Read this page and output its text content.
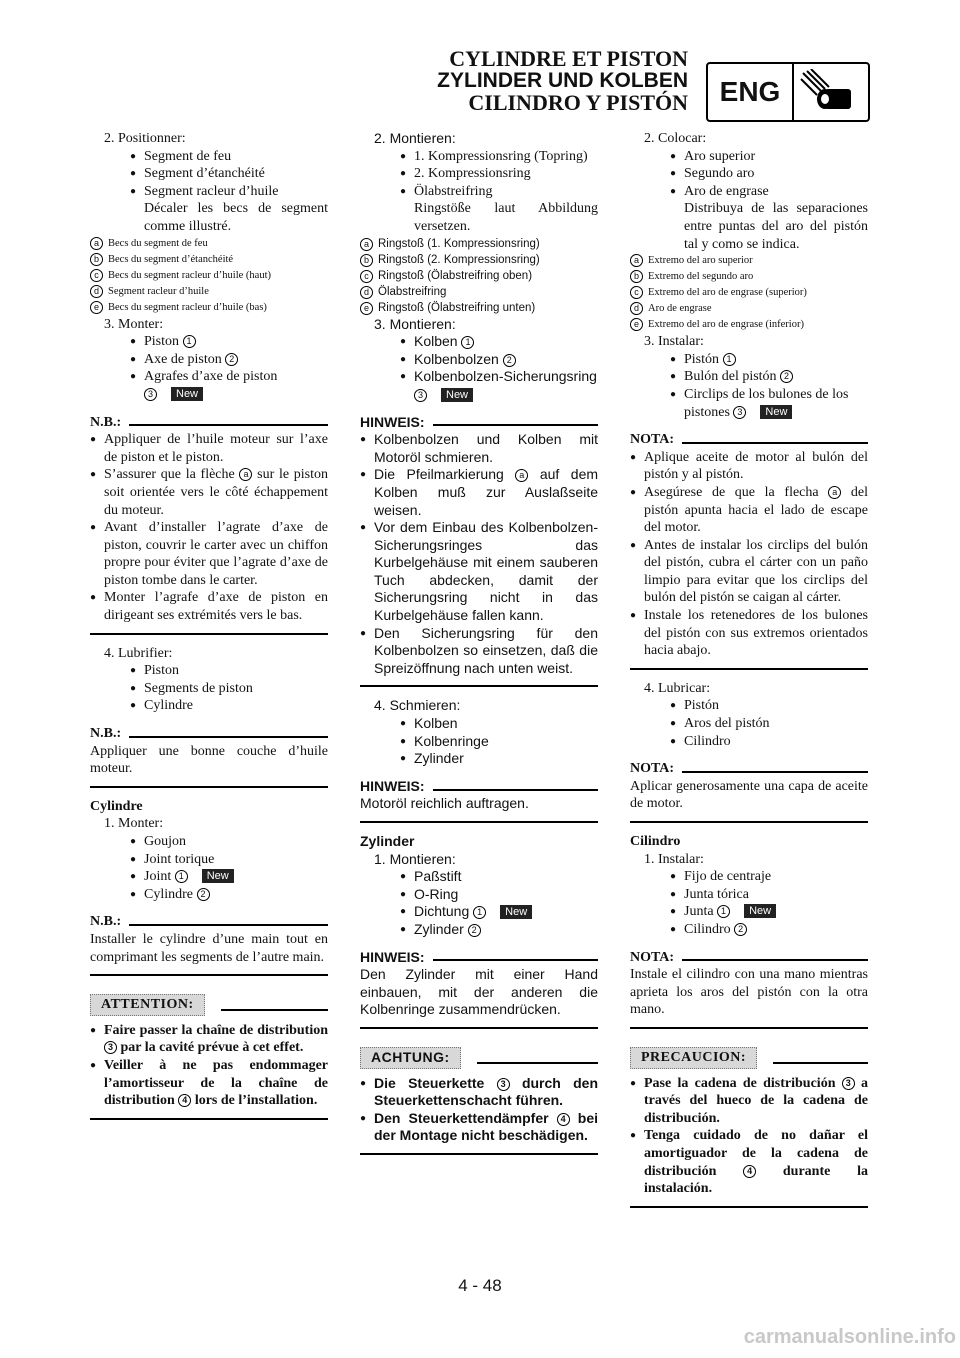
CYLINDRE ET PISTON
ZYLINDER UND KOLBEN
CILINDRO Y PISTÓN	ENG
2. Positionner:
● Segment de feu
● Segment d’étanchéité
● Segment racleur d’huile
Décaler les becs de segment comme illustré.
a Becs du segment de feu
b Becs du segment d’étanchéité
c Becs du segment racleur d’huile (haut)
d Segment racleur d’huile
e Becs du segment racleur d’huile (bas)
3. Monter:
● Piston 1
● Axe de piston 2
● Agrafes d’axe de piston
3 New
N.B.:
● Appliquer de l’huile moteur sur l’axe de piston et le piston.
● S’assurer que la flèche a sur le piston soit orientée vers le côté échappement du moteur.
● Avant d’installer l’agrate d’axe de piston, couvrir le carter avec un chiffon propre pour éviter que l’agrate d’axe de piston tombe dans le carter.
● Monter l’agrafe d’axe de piston en dirigeant ses extrémités vers le bas.
4. Lubrifier:
● Piston
● Segments de piston
● Cylindre
N.B.:
Appliquer une bonne couche d’huile moteur.
Cylindre
1. Monter:
● Goujon
● Joint torique
● Joint 1 New
● Cylindre 2
N.B.:
Installer le cylindre d’une main tout en comprimant les segments de l’autre main.
ATTENTION:
● Faire passer la chaîne de distribution 3 par la cavité prévue à cet effet.
● Veiller à ne pas endommager l’amortisseur de la chaîne de distribution 4 lors de l’installation.
2. Montieren:
● 1. Kompressionsring (Topring)
● 2. Kompressionsring
● Ölabstreifring
Ringstöße laut Abbildung versetzen.
a Ringstoß (1. Kompressionsring)
b Ringstoß (2. Kompressionsring)
c Ringstoß (Ölabstreifring oben)
d Ölabstreifring
e Ringstoß (Ölabstreifring unten)
3. Montieren:
● Kolben 1
● Kolbenbolzen 2
● Kolbenbolzen-Sicherungsring 3 New
HINWEIS:
● Kolbenbolzen und Kolben mit Motoröl schmieren.
● Die Pfeilmarkierung a auf dem Kolben muß zur Auslaßseite weisen.
● Vor dem Einbau des Kolbenbolzen-Sicherungsringes das Kurbelgehäuse mit einem sauberen Tuch abdecken, damit der Sicherungsring nicht in das Kurbelgehäuse fallen kann.
● Den Sicherungsring für den Kolbenbolzen so einsetzen, daß die Spreizöffnung nach unten weist.
4. Schmieren:
● Kolben
● Kolbenringe
● Zylinder
HINWEIS:
Motoröl reichlich auftragen.
Zylinder
1. Montieren:
● Paßstift
● O-Ring
● Dichtung 1 New
● Zylinder 2
HINWEIS:
Den Zylinder mit einer Hand einbauen, mit der anderen die Kolbenringe zusammendrücken.
ACHTUNG:
● Die Steuerkette 3 durch den Steuerkettenschacht führen.
● Den Steuerkettendämpfer 4 bei der Montage nicht beschädigen.
2. Colocar:
● Aro superior
● Segundo aro
● Aro de engrase
Distribuya de las separaciones entre puntas del aro del pistón tal y como se indica.
a Extremo del aro superior
b Extremo del segundo aro
c Extremo del aro de engrase (superior)
d Aro de engrase
e Extremo del aro de engrase (inferior)
3. Instalar:
● Pistón 1
● Bulón del pistón 2
● Circlips de los bulones de los pistones 3 New
NOTA:
● Aplique aceite de motor al bulón del pistón y al pistón.
● Asegúrese de que la flecha a del pistón apunta hacia el lado de escape del motor.
● Antes de instalar los circlips del bulón del pistón, cubra el cárter con un paño limpio para evitar que los circlips del bulón del pistón se caigan al cárter.
● Instale los retenedores de los bulones del pistón con sus extremos orientados hacia abajo.
4. Lubricar:
● Pistón
● Aros del pistón
● Cilindro
NOTA:
Aplicar generosamente una capa de aceite de motor.
Cilindro
1. Instalar:
● Fijo de centraje
● Junta tórica
● Junta 1 New
● Cilindro 2
NOTA:
Instale el cilindro con una mano mientras aprieta los aros del pistón con la otra mano.
PRECAUCION:
● Pase la cadena de distribución 3 a través del hueco de la cadena de distribución.
● Tenga cuidado de no dañar el amortiguador de la cadena de distribución	4 durante la instalación.
4 - 48
carmanualsonline.info
